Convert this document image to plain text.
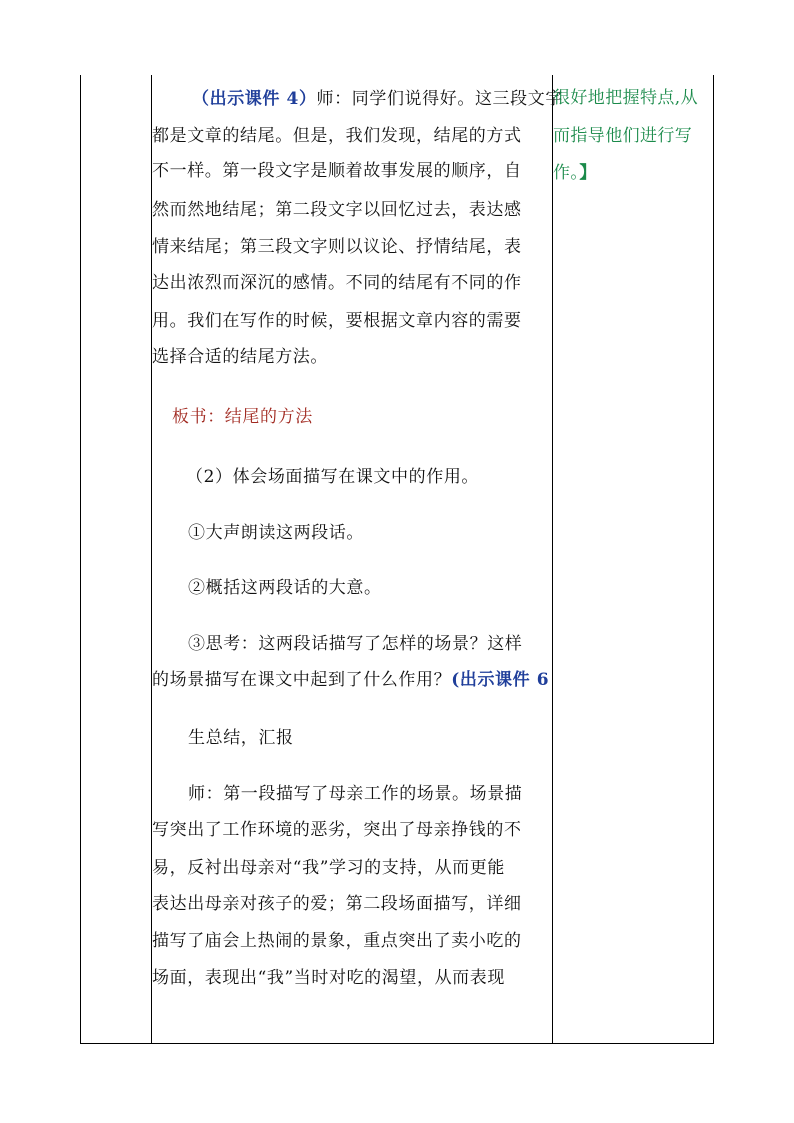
（出示课件 4）师：同学们说得好。这三段文字
都是文章的结尾。但是，我们发现，结尾的方式
不一样。第一段文字是顺着故事发展的顺序，自
然而然地结尾；第二段文字以回忆过去，表达感
情来结尾；第三段文字则以议论、抒情结尾，表
达出浓烈而深沉的感情。不同的结尾有不同的作
用。我们在写作的时候，要根据文章内容的需要
选择合适的结尾方法。
板书：结尾的方法
（2）体会场面描写在课文中的作用。
①大声朗读这两段话。
②概括这两段话的大意。
③思考：这两段话描写了怎样的场景？这样
的场景描写在课文中起到了什么作用？(出示课件 6
生总结，汇报
师：第一段描写了母亲工作的场景。场景描
写突出了工作环境的恶劣，突出了母亲挣钱的不
易，反衬出母亲对“我”学习的支持，从而更能
表达出母亲对孩子的爱；第二段场面描写，详细
描写了庙会上热闹的景象，重点突出了卖小吃的
场面，表现出“我”当时对吃的渴望，从而表现
很好地把握特点,从
而指导他们进行写
作。】
